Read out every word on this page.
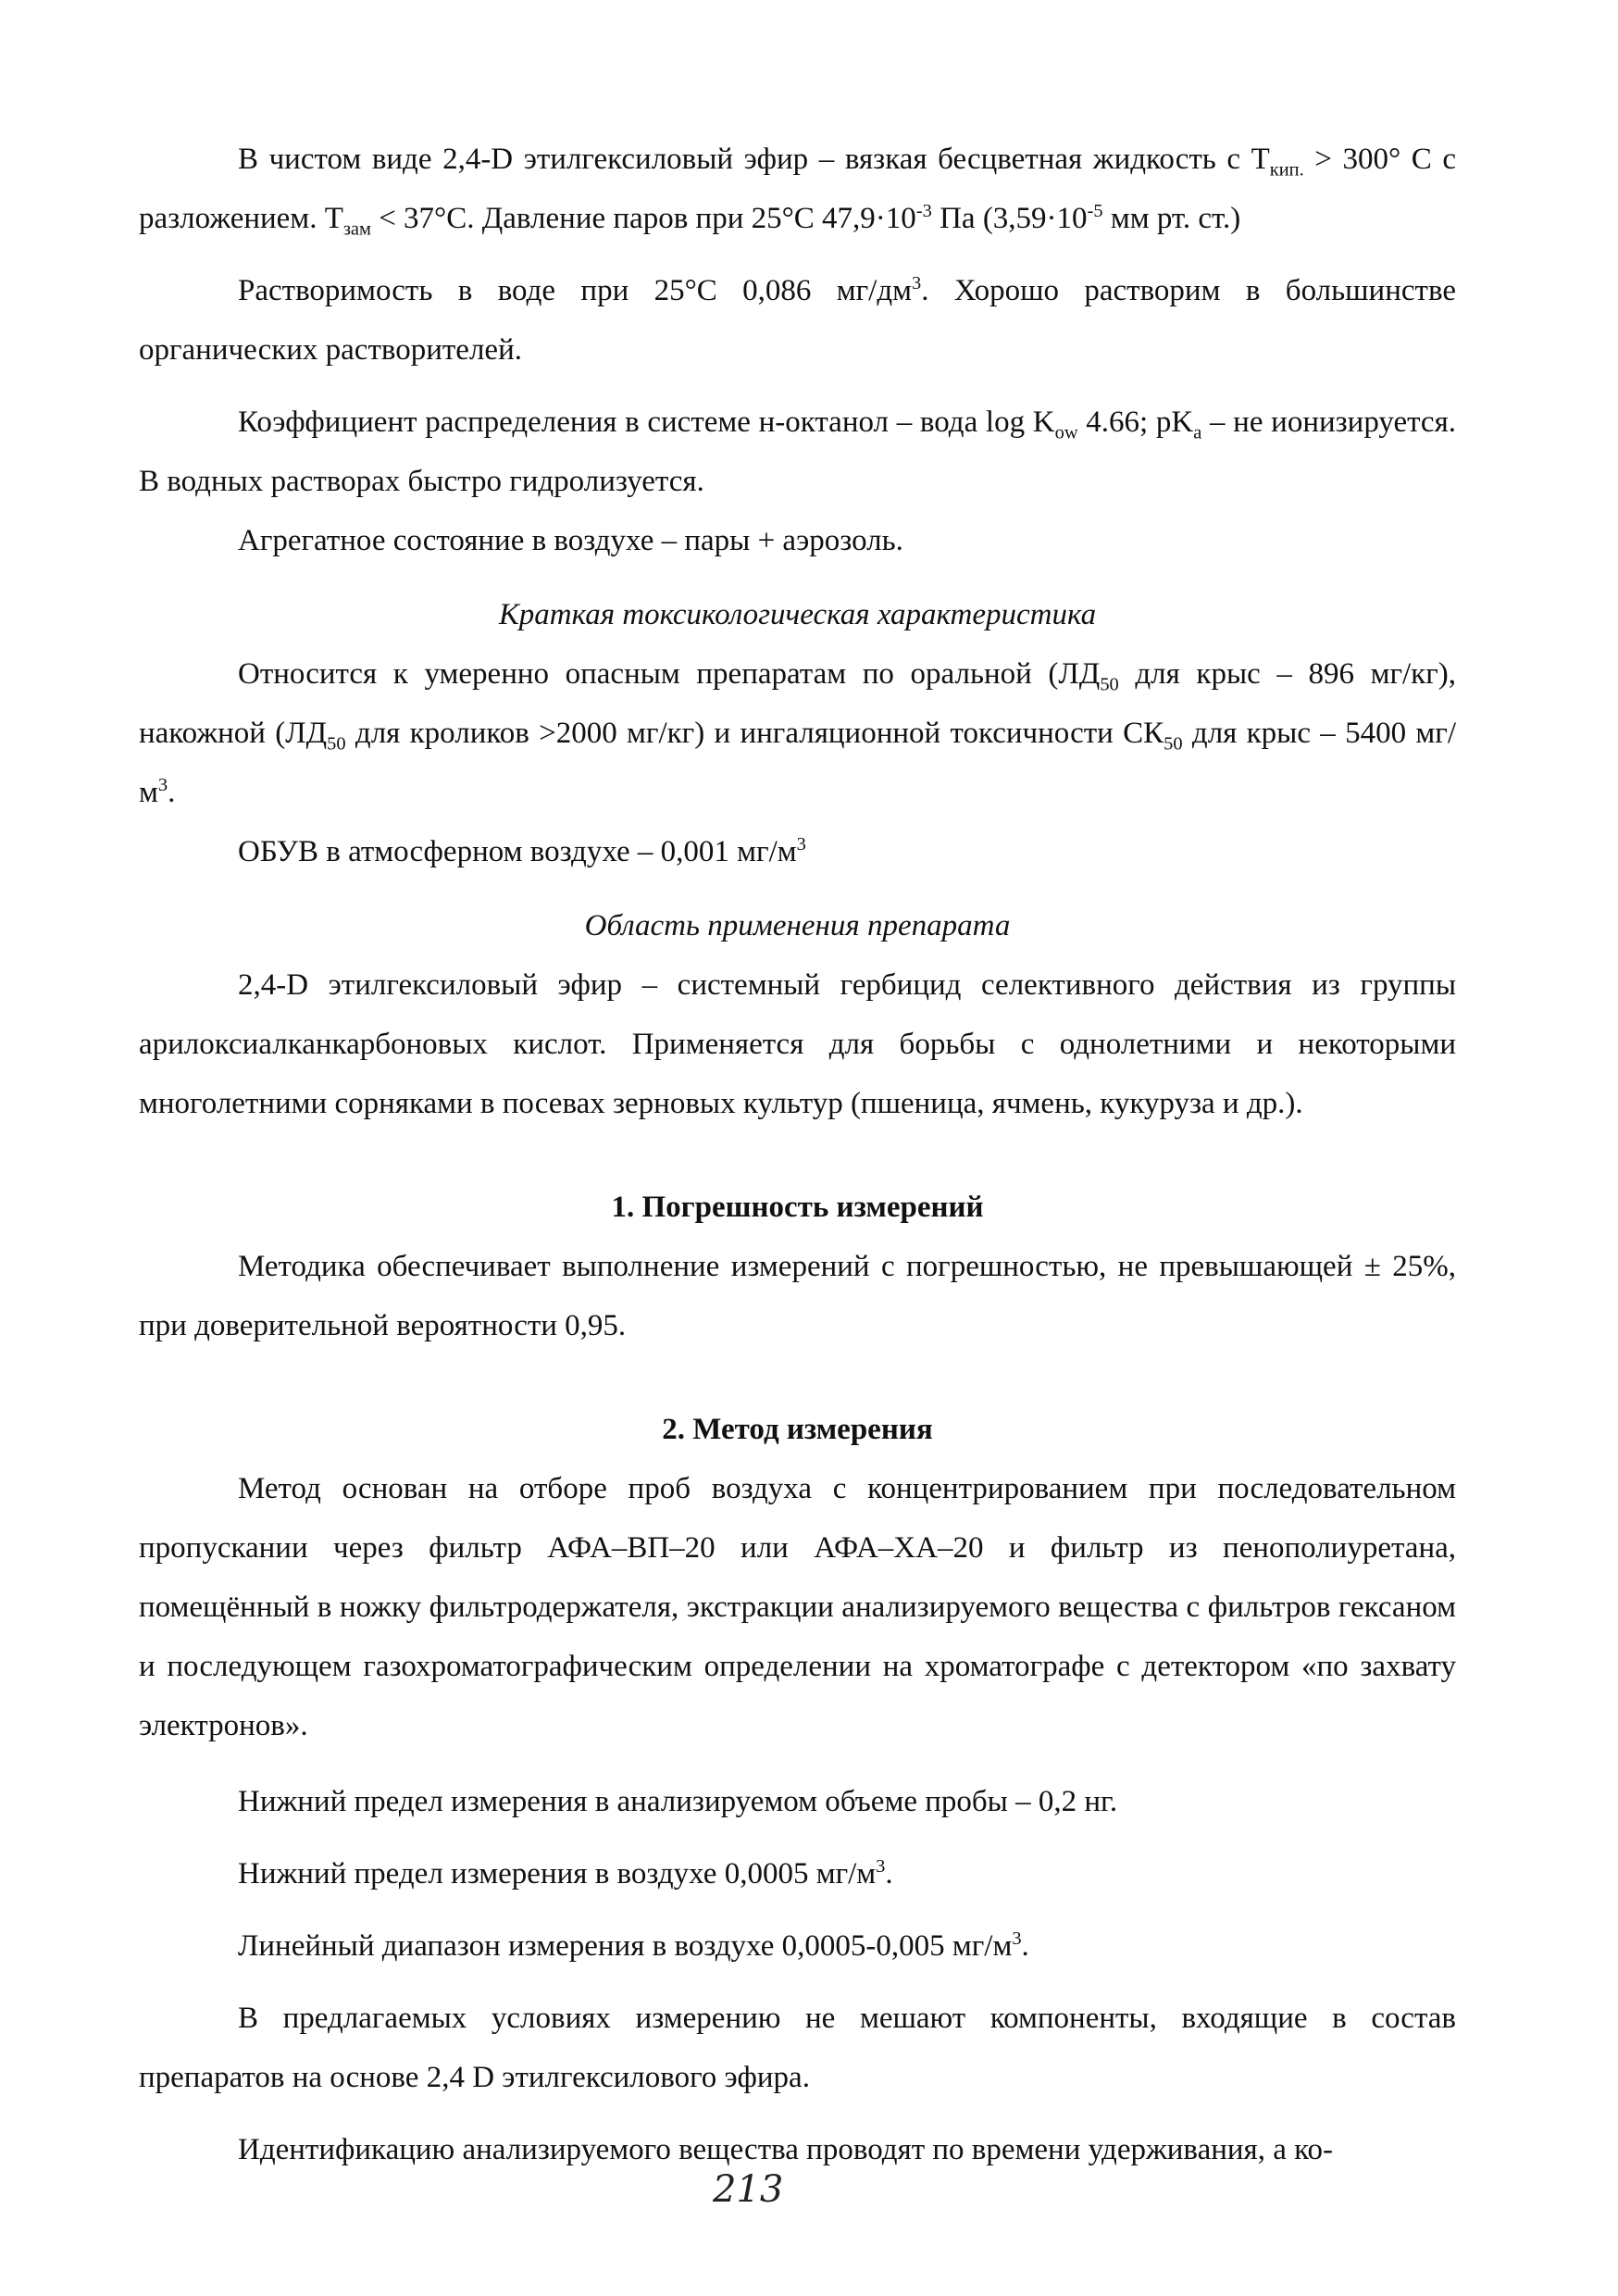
В чистом виде 2,4-D этилгексиловый эфир – вязкая бесцветная жидкость с $Т_{кип.} > 300^\circ$ С с разложением. $Т_{зам} < 37^\circ С$. Давление паров при 25°С $47,9\cdot 10^{-3}$ Па ($3,59\cdot 10^{-5}$ мм рт. ст.)

Растворимость в воде при 25°С 0,086 $мг/дм^3$. Хорошо растворим в большинстве органических растворителей.

Коэффициент распределения в системе н-октанол – вода $\log K_{ow}$ 4.66; $pK_a$ – не ионизируется. В водных растворах быстро гидролизуется.

Агрегатное состояние в воздухе – пары + аэрозоль.

Краткая токсикологическая характеристика

Относится к умеренно опасным препаратам по оральной ($ЛД_{50}$ для крыс – 896 мг/кг), накожной ($ЛД_{50}$ для кроликов >2000 мг/кг) и ингаляционной токсичности $СК_{50}$ для крыс – 5400 $мг/м^3$.

ОБУВ в атмосферном воздухе – 0,001 $мг/м^3$

Область применения препарата

2,4-D этилгексиловый эфир – системный гербицид селективного действия из группы арилоксиалканкарбоновых кислот. Применяется для борьбы с однолетними и некоторыми многолетними сорняками в посевах зерновых культур (пшеница, ячмень, кукуруза и др.).

1. Погрешность измерений

Методика обеспечивает выполнение измерений с погрешностью, не превышающей ± 25%, при доверительной вероятности 0,95.

2. Метод измерения

Метод основан на отборе проб воздуха с концентрированием при последовательном пропускании через фильтр АФА–ВП–20 или АФА–ХА–20 и фильтр из пенополиуретана, помещённый в ножку фильтродержателя, экстракции анализируемого вещества с фильтров гексаном и последующем газохроматографическим определении на хроматографе с детектором «по захвату электронов».

Нижний предел измерения в анализируемом объеме пробы – 0,2 нг.

Нижний предел измерения в воздухе 0,0005 $мг/м^3$.

Линейный диапазон измерения в воздухе 0,0005-0,005 $мг/м^3$.

В предлагаемых условиях измерению не мешают компоненты, входящие в состав препаратов на основе 2,4 D этилгексилового эфира.

Идентификацию анализируемого вещества проводят по времени удерживания, а ко-

213
